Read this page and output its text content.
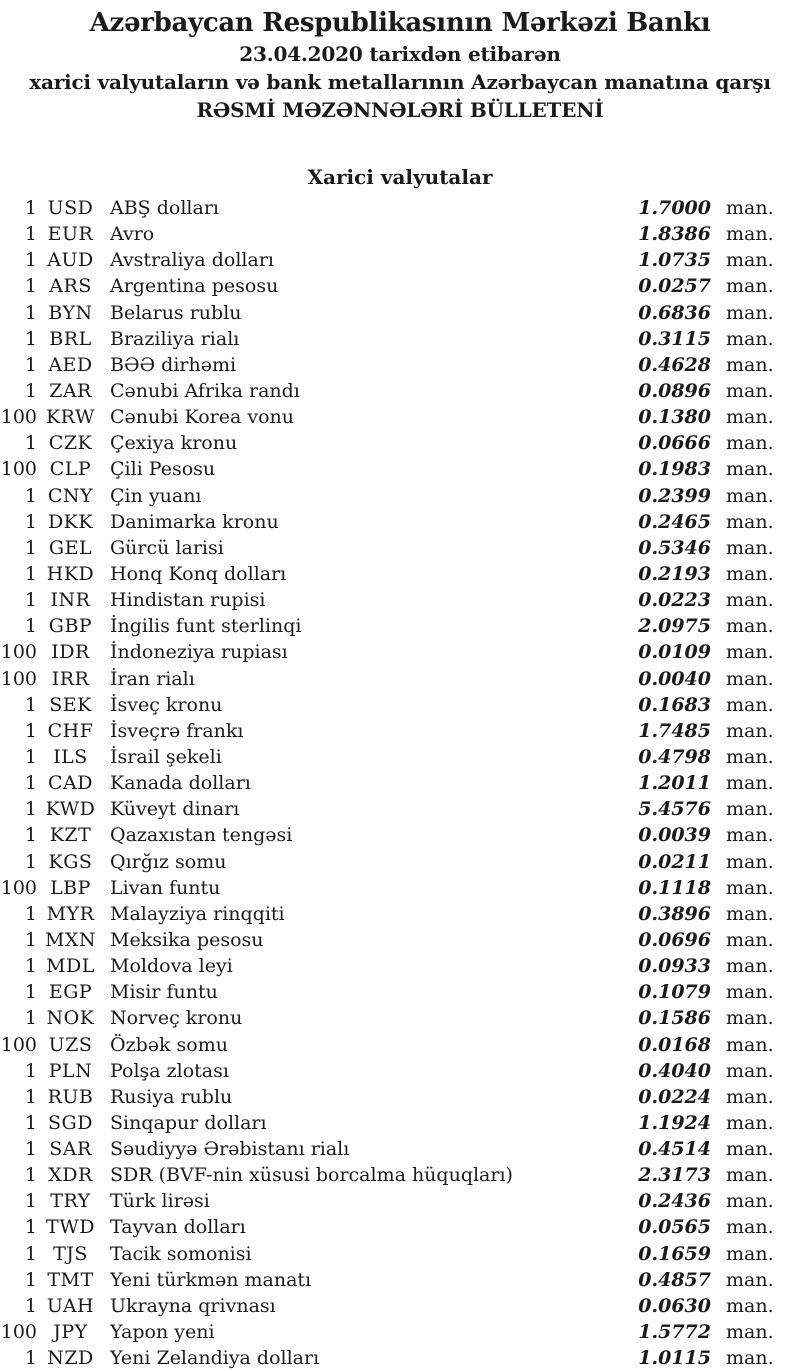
Azərbaycan Respublikasının Mərkəzi Bankı
23.04.2020 tarixdən etibarən
xarici valyutaların və bank metallarının Azərbaycan manatına qarşı
RƏSMİ MƏZƏNNƏLƏRİ BÜLLETENİ
Xarici valyutalar
1 USD ABŞ dolları	1.7000 man.
1 EUR Avro	1.8386 man.
1 AUD Avstraliya dolları	1.0735 man.
1 ARS Argentina pesosu	0.0257 man.
1 BYN Belarus rublu	0.6836 man.
1 BRL Braziliya rialı	0.3115 man.
1 AED BƏƏ dirhəmi	0.4628 man.
1 ZAR Cənubi Afrika randı	0.0896 man.
100 KRW Cənubi Korea vonu	0.1380 man.
1 CZK Çexiya kronu	0.0666 man.
100 CLP Çili Pesosu	0.1983 man.
1 CNY Çin yuanı	0.2399 man.
1 DKK Danimarka kronu	0.2465 man.
1 GEL Gürcü larisi	0.5346 man.
1 HKD Honq Konq dolları	0.2193 man.
1 INR	Hindistan rupisi	0.0223 man.
1 GBP İngilis funt sterlinqi	2.0975 man.
100 IDR	İndoneziya rupiası	0.0109 man.
100 IRR	İran rialı	0.0040 man.
1 SEK İsveç kronu	0.1683 man.
1 CHF İsveçrə frankı	1.7485 man.
1 ILS	İsrail şekeli	0.4798 man.
1 CAD Kanada dolları	1.2011 man.
1 KWD Küveyt dinarı	5.4576 man.
1 KZT Qazaxıstan tengəsi	0.0039 man.
1 KGS Qırğız somu	0.0211 man.
100 LBP	Livan funtu	0.1118 man.
1 MYR Malayziya rinqqiti	0.3896 man.
1 MXN Meksika pesosu	0.0696 man.
1 MDL Moldova leyi	0.0933 man.
1 EGP Misir funtu	0.1079 man.
1 NOK Norveç kronu	0.1586 man.
100 UZS Özbək somu	0.0168 man.
1 PLN Polşa zlotası	0.4040 man.
1 RUB Rusiya rublu	0.0224 man.
1 SGD Sinqapur dolları	1.1924 man.
1 SAR Səudiyyə Ərəbistanı rialı	0.4514 man.
1 XDR SDR (BVF-nin xüsusi borcalma hüquqları)	2.3173 man.
1 TRY	Türk lirəsi	0.2436 man.
1 TWD Tayvan dolları	0.0565 man.
1 TJS	Tacik somonisi	0.1659 man.
1 TMT Yeni türkmən manatı	0.4857 man.
1 UAH Ukrayna qrivnası	0.0630 man.
100 JPY	Yapon yeni	1.5772 man.
1 NZD Yeni Zelandiya dolları	1.0115 man.
